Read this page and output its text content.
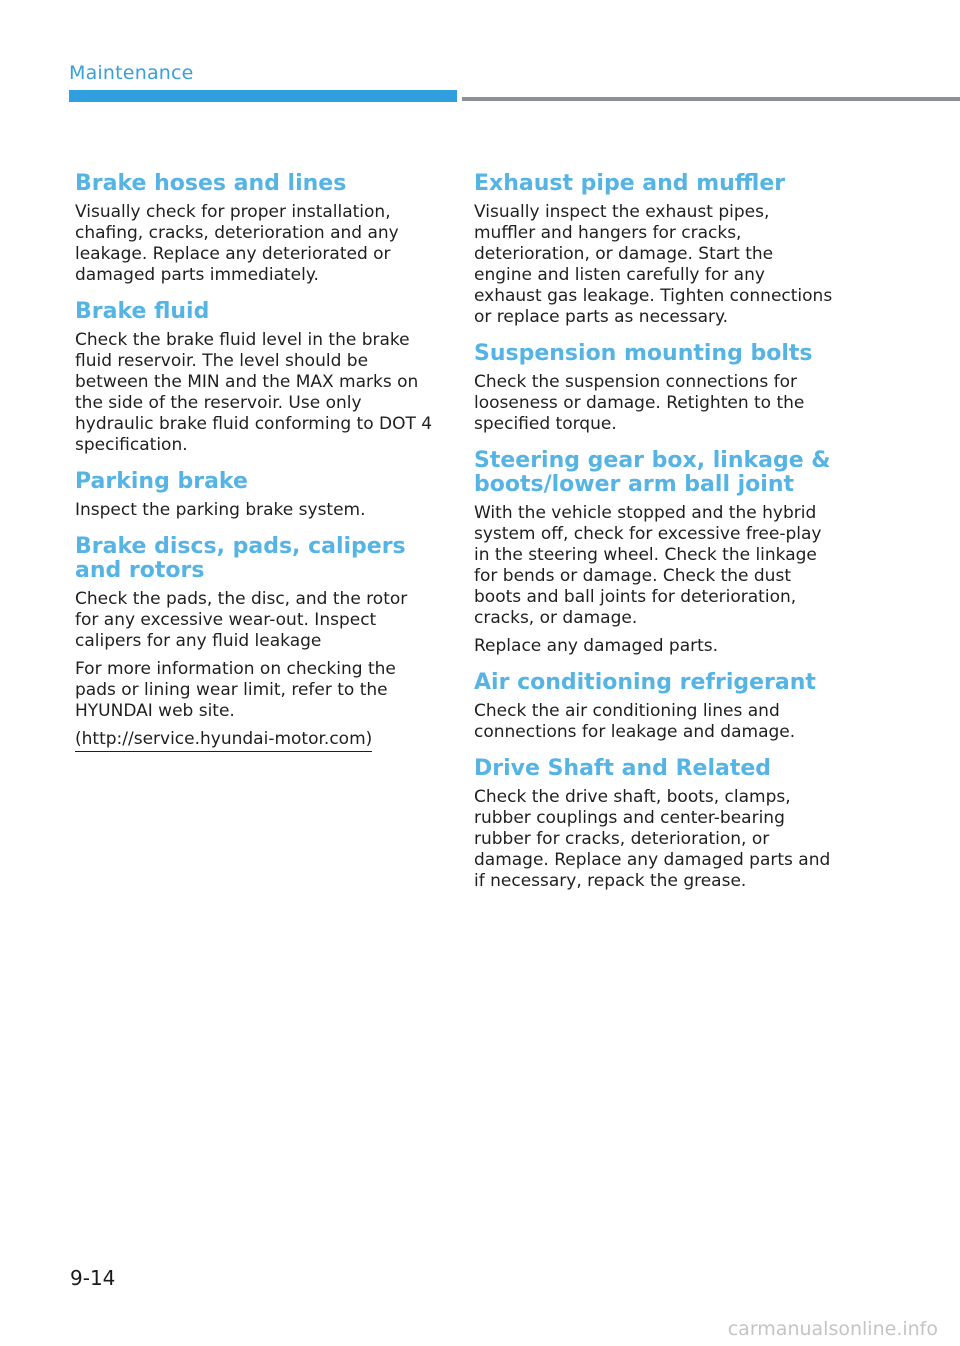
Maintenance
Brake hoses and lines

Visually check for proper installation, chafing, cracks, deterioration and any leakage. Replace any deteriorated or damaged parts immediately.

Brake fluid

Check the brake fluid level in the brake fluid reservoir. The level should be between the MIN and the MAX marks on the side of the reservoir. Use only hydraulic brake fluid conforming to DOT 4 specification.

Parking brake

Inspect the parking brake system.

Brake discs, pads, calipers and rotors

Check the pads, the disc, and the rotor for any excessive wear-out. Inspect calipers for any fluid leakage

For more information on checking the pads or lining wear limit, refer to the HYUNDAI web site.

(http://service.hyundai-motor.com)

Exhaust pipe and muffler

Visually inspect the exhaust pipes, muffler and hangers for cracks, deterioration, or damage. Start the engine and listen carefully for any exhaust gas leakage. Tighten connections or replace parts as necessary.

Suspension mounting bolts

Check the suspension connections for looseness or damage. Retighten to the specified torque.

Steering gear box, linkage & boots/lower arm ball joint

With the vehicle stopped and the hybrid system off, check for excessive free-play in the steering wheel. Check the linkage for bends or damage. Check the dust boots and ball joints for deterioration, cracks, or damage.

Replace any damaged parts.

Air conditioning refrigerant

Check the air conditioning lines and connections for leakage and damage.

Drive Shaft and Related

Check the drive shaft, boots, clamps, rubber couplings and center-bearing rubber for cracks, deterioration, or damage. Replace any damaged parts and if necessary, repack the grease.

9-14
carmanualsonline.info
